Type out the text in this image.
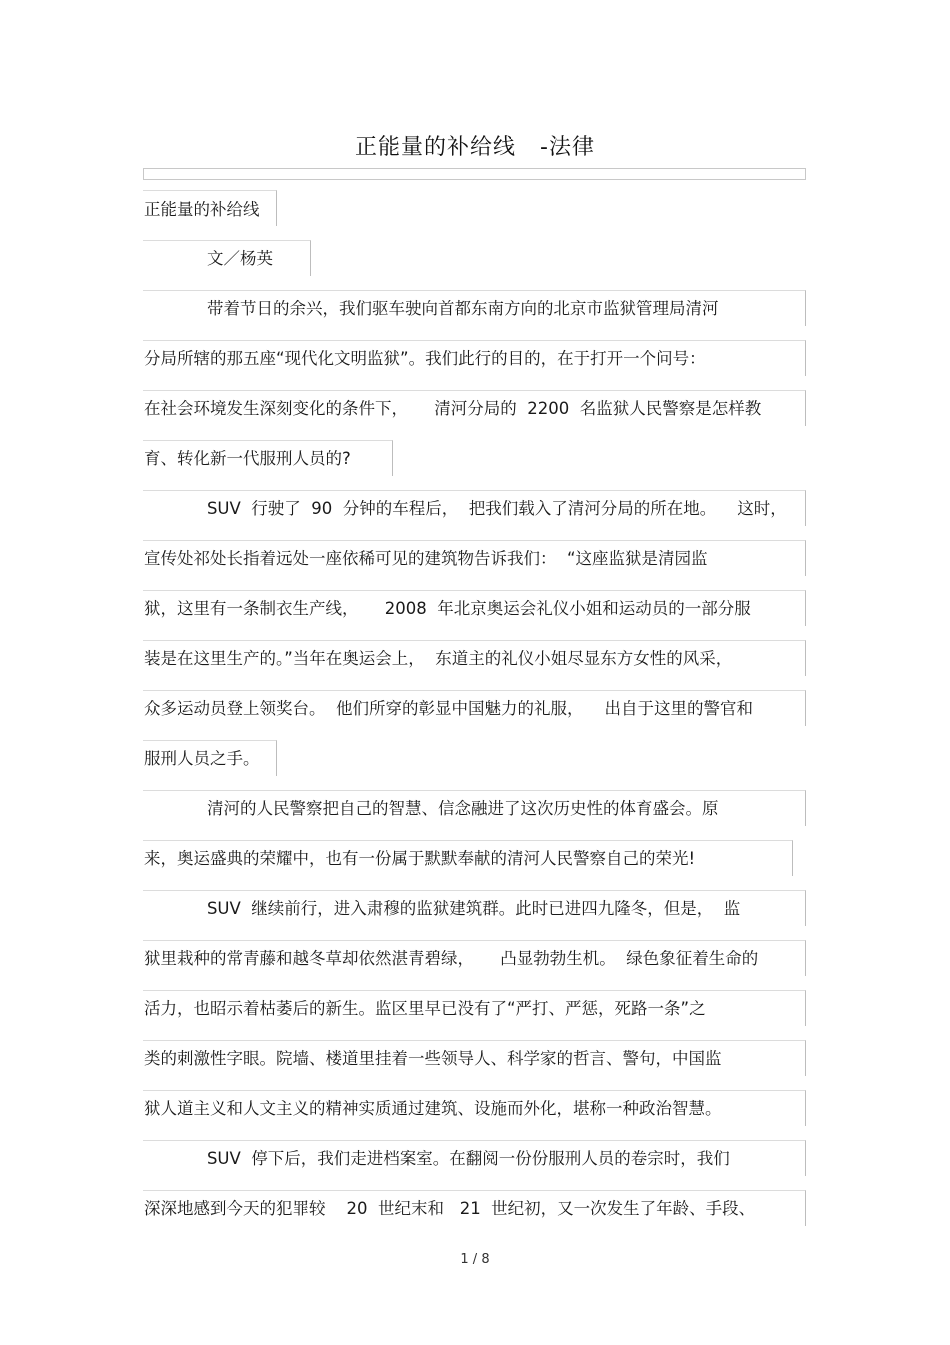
正能量的补给线   -法律
正能量的补给线
文／杨英
带着节日的余兴，我们驱车驶向首都东南方向的北京市监狱管理局清河
分局所辖的那五座“现代化文明监狱”。我们此行的目的，在于打开一个问号：
在社会环境发生深刻变化的条件下，     清河分局的  2200  名监狱人民警察是怎样教
育、转化新一代服刑人员的?
SUV  行驶了  90  分钟的车程后，  把我们载入了清河分局的所在地。    这时，
宣传处祁处长指着远处一座依稀可见的建筑物告诉我们：  “这座监狱是清园监
狱，这里有一条制衣生产线，     2008  年北京奥运会礼仪小姐和运动员的一部分服
装是在这里生产的。”当年在奥运会上，  东道主的礼仪小姐尽显东方女性的风采，
众多运动员登上领奖台。  他们所穿的彰显中国魅力的礼服，    出自于这里的警官和
服刑人员之手。
清河的人民警察把自己的智慧、信念融进了这次历史性的体育盛会。原
来，奥运盛典的荣耀中，也有一份属于默默奉献的清河人民警察自己的荣光!
SUV  继续前行，进入肃穆的监狱建筑群。此时已进四九隆冬，但是，  监
狱里栽种的常青藤和越冬草却依然湛青碧绿，     凸显勃勃生机。  绿色象征着生命的
活力，也昭示着枯萎后的新生。监区里早已没有了“严打、严惩，死路一条”之
类的刺激性字眼。院墙、楼道里挂着一些领导人、科学家的哲言、警句，中国监
狱人道主义和人文主义的精神实质通过建筑、设施而外化，堪称一种政治智慧。
SUV  停下后，我们走进档案室。在翻阅一份份服刑人员的卷宗时，我们
深深地感到今天的犯罪较    20  世纪末和   21  世纪初，又一次发生了年龄、手段、
1 / 8
